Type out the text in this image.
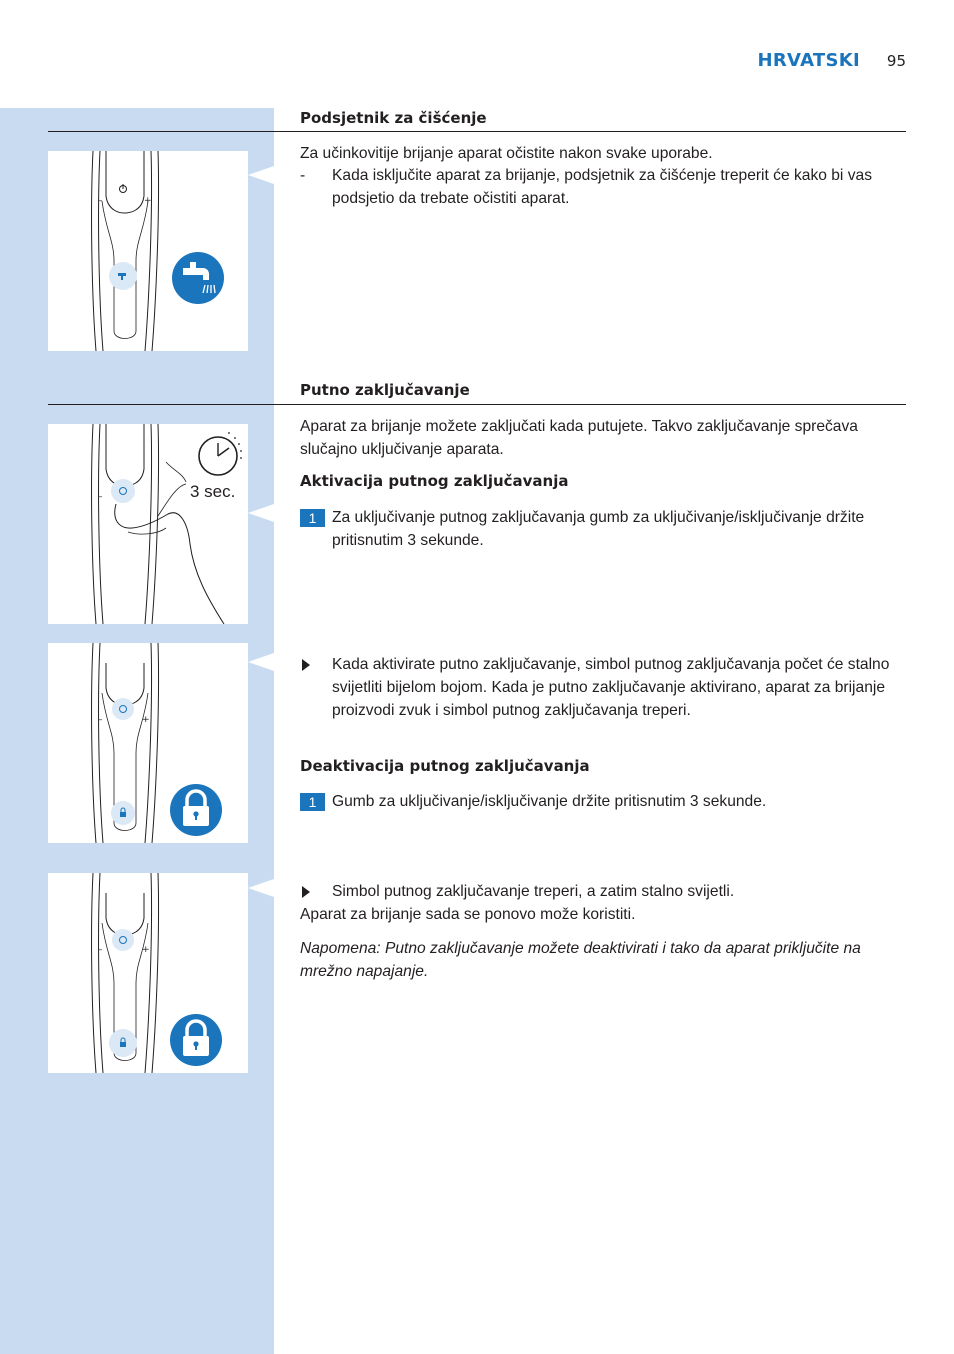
HRVATSKI	95
Podsjetnik za čišćenje
Za učinkovitije brijanje aparat očistite nakon svake uporabe.
- Kada isključite aparat za brijanje, podsjetnik za čišćenje treperit će kako bi vas podsjetio da trebate očistiti aparat.
–	+
Putno zaključavanje
Aparat za brijanje možete zaključati kada putujete. Takvo zaključavanje sprečava slučajno uključivanje aparata.
Aktivacija putnog zaključavanja
1	Za uključivanje putnog zaključavanja gumb za uključivanje/isključivanje držite pritisnutim 3 sekunde.
–	3 sec.
Kada aktivirate putno zaključavanje, simbol putnog zaključavanja počet će stalno svijetliti bijelom bojom. Kada je putno zaključavanje aktivirano, aparat za brijanje proizvodi zvuk i simbol putnog zaključavanja treperi.
–	+
Deaktivacija putnog zaključavanja
1	Gumb za uključivanje/isključivanje držite pritisnutim 3 sekunde.
–	+
Simbol putnog zaključavanje treperi, a zatim stalno svijetli.
Aparat za brijanje sada se ponovo može koristiti.
Napomena: Putno zaključavanje možete deaktivirati i tako da aparat priključite na mrežno napajanje.
